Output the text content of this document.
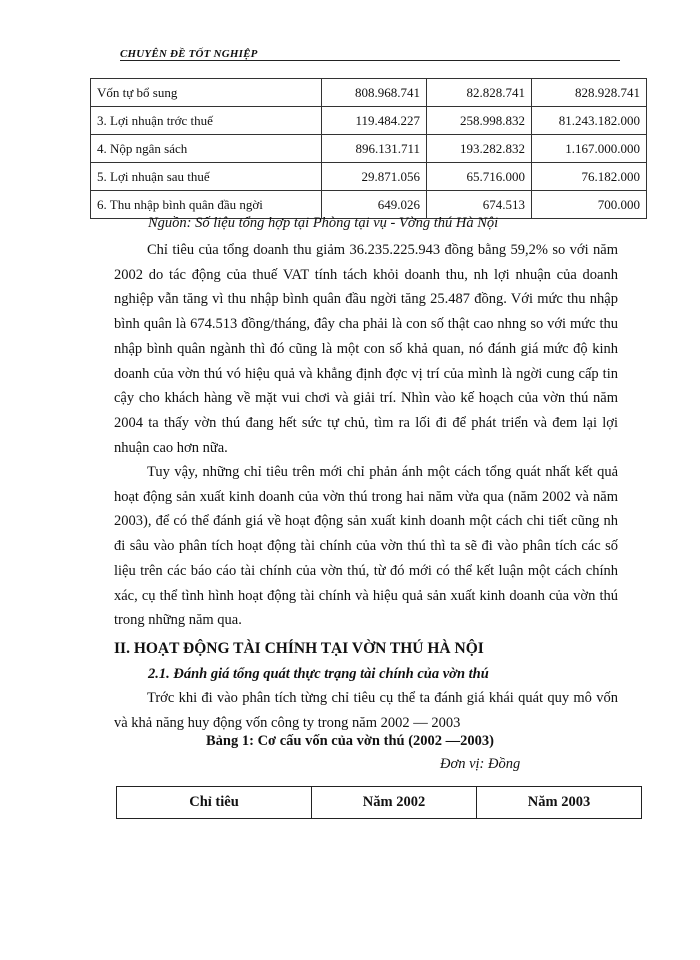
CHUYÊN ĐỀ TỐT NGHIỆP
Vốn tự bổ sung	808.968.741	82.828.741	828.928.741
3. Lợi nhuận trớc thuế	119.484.227	258.998.832	81.243.182.000
4. Nộp ngân sách	896.131.711	193.282.832	1.167.000.000
5. Lợi nhuận sau thuế	29.871.056	65.716.000	76.182.000
6. Thu nhập bình quân đầu ngời	649.026	674.513	700.000
Nguồn: Số liệu tổng hợp tại Phòng tại vụ - Vờng thú Hà Nội

Chỉ tiêu của tổng doanh thu giảm 36.235.225.943 đồng bằng 59,2% so với năm 2002 do tác động của thuế VAT tính tách khỏi doanh thu, nh lợi nhuận của doanh nghiệp vẫn tăng vì thu nhập bình quân đầu ngời tăng 25.487 đồng. Với mức thu nhập bình quân là 674.513 đồng/tháng, đây cha phải là con số thật cao nhng so với mức thu nhập bình quân ngành thì đó cũng là một con số khả quan, nó đánh giá mức độ kinh doanh của vờn thú vó hiệu quả và khẳng định đợc vị trí của mình là ngời cung cấp tin cậy cho khách hàng về mặt vui chơi và giải trí. Nhìn vào kế hoạch của vờn thú năm 2004 ta thấy vờn thú đang hết sức tự chủ, tìm ra lối đi để phát triển và đem lại lợi nhuận cao hơn nữa.

Tuy vậy, những chỉ tiêu trên mới chỉ phản ánh một cách tổng quát nhất kết quả hoạt động sản xuất kinh doanh của vờn thú trong hai năm vừa qua (năm 2002 và năm 2003), để có thể đánh giá về hoạt động sản xuất kinh doanh một cách chi tiết cũng nh đi sâu vào phân tích hoạt động tài chính của vờn thú thì ta sẽ đi vào phân tích các số liệu trên các báo cáo tài chính của vờn thú, từ đó mới có thể kết luận một cách chính xác, cụ thể tình hình hoạt động tài chính và hiệu quả sản xuất kinh doanh của vờn thú trong những năm qua.

II. HOẠT ĐỘNG TÀI CHÍNH TẠI VỜN THÚ HÀ NỘI
2.1. Đánh giá tổng quát thực trạng tài chính của vờn thú

Trớc khi đi vào phân tích từng chỉ tiêu cụ thể ta đánh giá khái quát quy mô vốn và khả năng huy động vốn công ty trong năm 2002 — 2003

Bảng 1: Cơ cấu vốn của vờn thú (2002 —2003)

Đơn vị: Đồng
Chỉ tiêu	Năm 2002	Năm 2003
